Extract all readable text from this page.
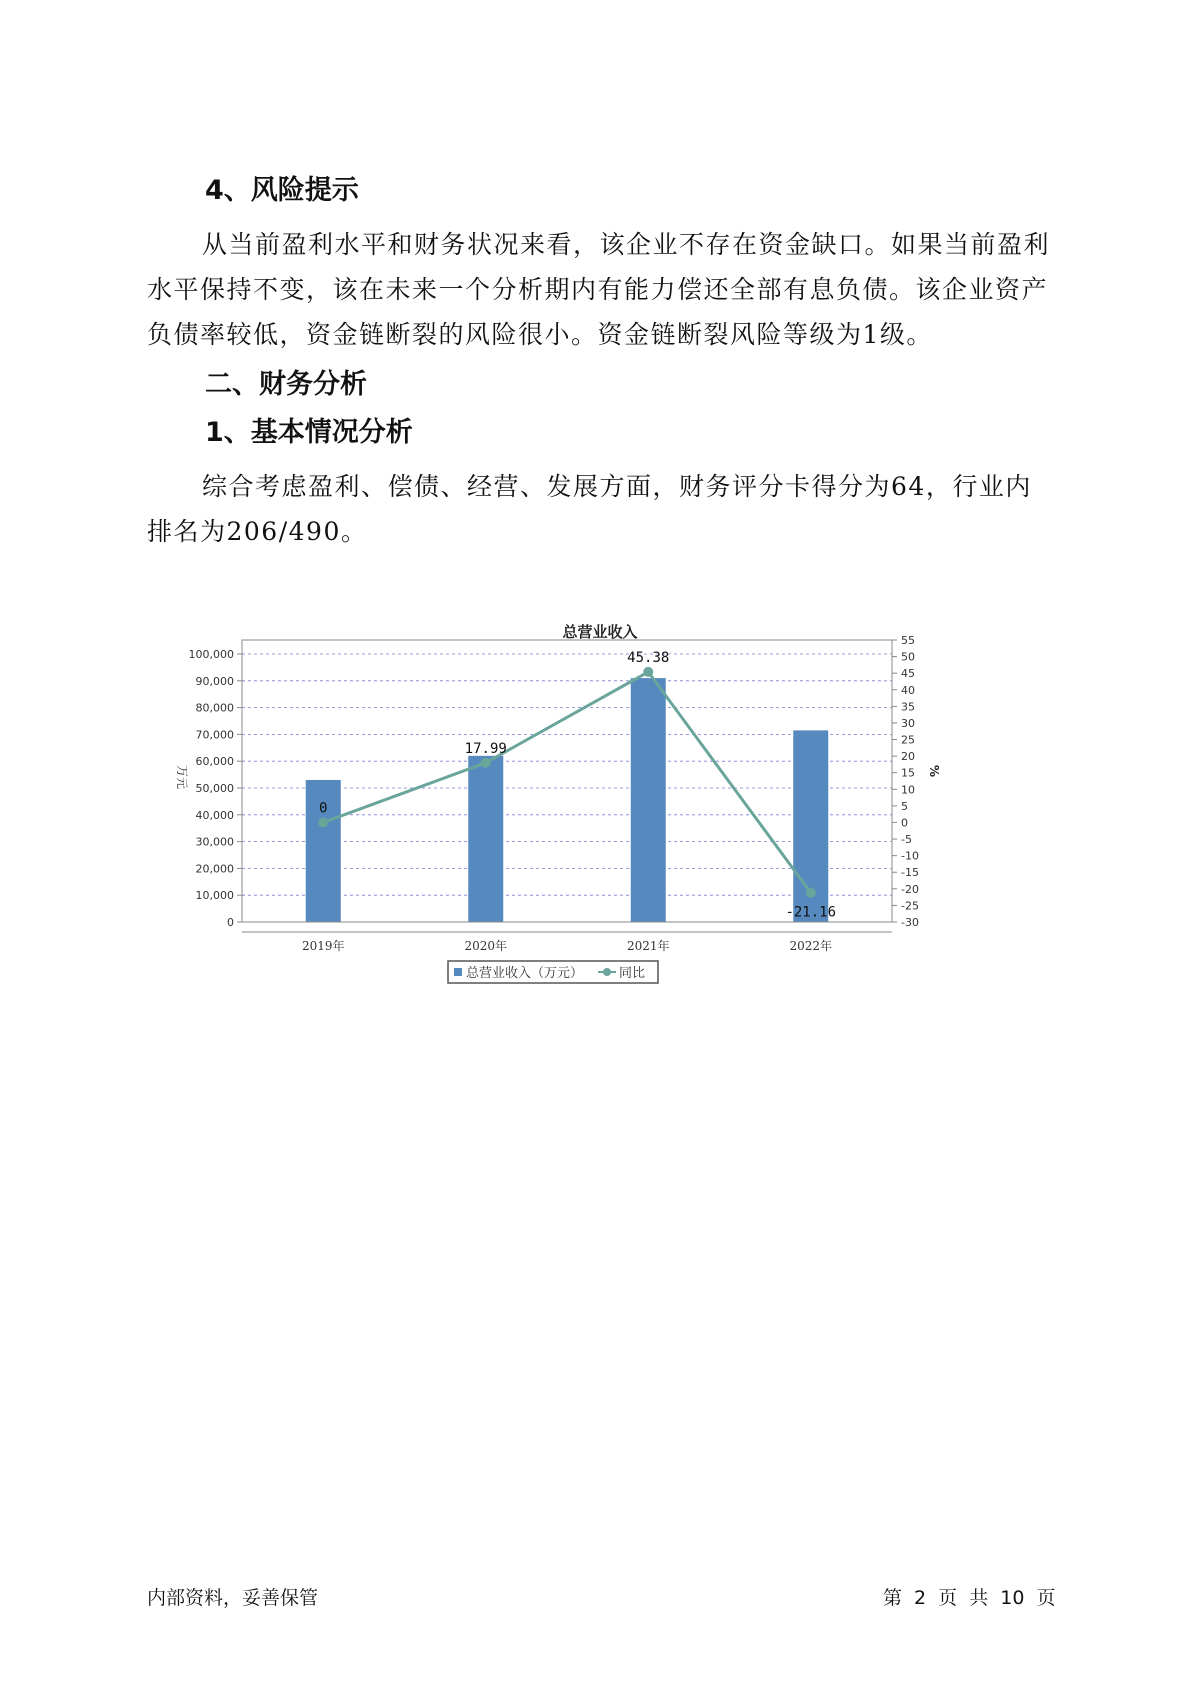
4、风险提示

从当前盈利水平和财务状况来看，该企业不存在资金缺口。如果当前盈利水平保持不变，该在未来一个分析期内有能力偿还全部有息负债。该企业资产负债率较低，资金链断裂的风险很小。资金链断裂风险等级为1级。

二、财务分析
1、基本情况分析

综合考虑盈利、偿债、经营、发展方面，财务评分卡得分为64，行业内排名为206/490。

总营业收入
0
10,000
20,000
30,000
40,000
50,000
60,000
70,000
80,000
90,000
100,000
-30
-25
-20
-15
-10
-5
0
5
10
15
20
25
30
35
40
45
50
55
万元	%
2019年	2020年	2021年	2022年
0
17.99
45.38
-21.16
总营业收入（万元）	同比
内部资料，妥善保管	第 2 页 共 10 页
